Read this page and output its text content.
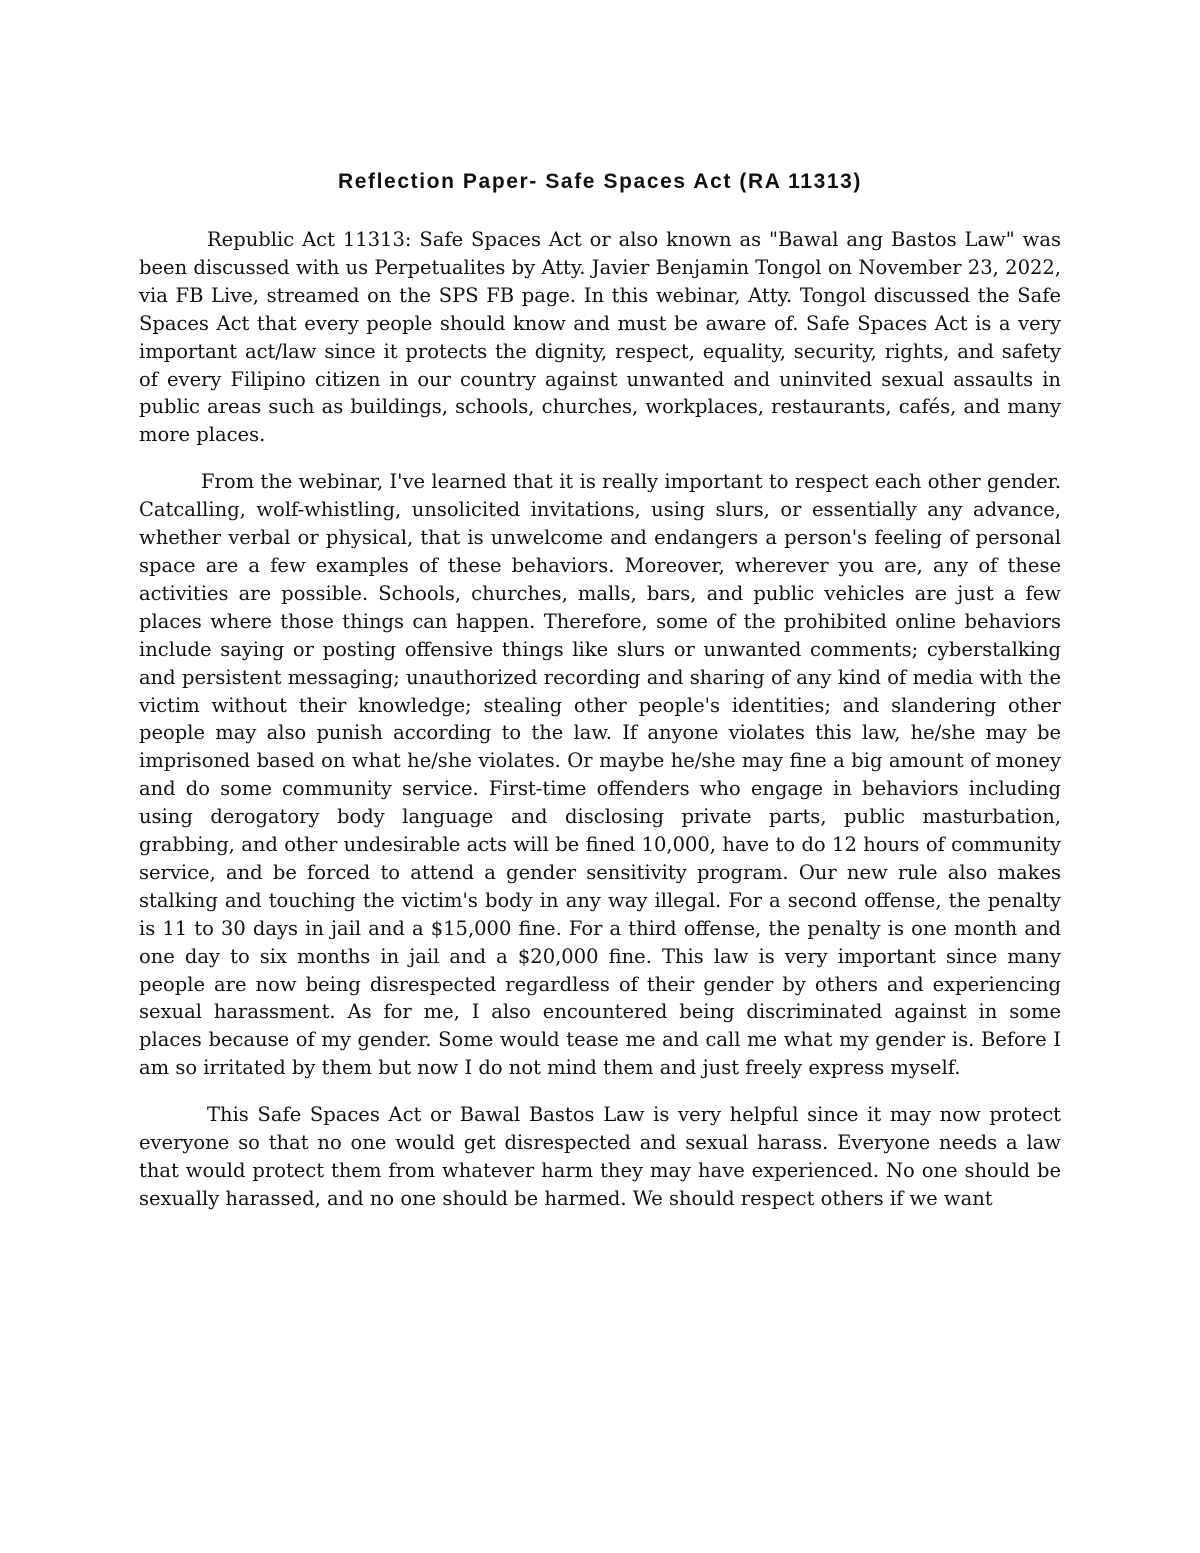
Reflection Paper- Safe Spaces Act (RA 11313)

Republic Act 11313: Safe Spaces Act or also known as "Bawal ang Bastos Law" was been discussed with us Perpetualites by Atty. Javier Benjamin Tongol on November 23, 2022, via FB Live, streamed on the SPS FB page. In this webinar, Atty. Tongol discussed the Safe Spaces Act that every people should know and must be aware of. Safe Spaces Act is a very important act/law since it protects the dignity, respect, equality, security, rights, and safety of every Filipino citizen in our country against unwanted and uninvited sexual assaults in public areas such as buildings, schools, churches, workplaces, restaurants, cafés, and many more places.

From the webinar, I've learned that it is really important to respect each other gender. Catcalling, wolf-whistling, unsolicited invitations, using slurs, or essentially any advance, whether verbal or physical, that is unwelcome and endangers a person's feeling of personal space are a few examples of these behaviors. Moreover, wherever you are, any of these activities are possible. Schools, churches, malls, bars, and public vehicles are just a few places where those things can happen. Therefore, some of the prohibited online behaviors include saying or posting offensive things like slurs or unwanted comments; cyberstalking and persistent messaging; unauthorized recording and sharing of any kind of media with the victim without their knowledge; stealing other people's identities; and slandering other people may also punish according to the law. If anyone violates this law, he/she may be imprisoned based on what he/she violates. Or maybe he/she may fine a big amount of money and do some community service. First-time offenders who engage in behaviors including using derogatory body language and disclosing private parts, public masturbation, grabbing, and other undesirable acts will be fined 10,000, have to do 12 hours of community service, and be forced to attend a gender sensitivity program. Our new rule also makes stalking and touching the victim's body in any way illegal. For a second offense, the penalty is 11 to 30 days in jail and a $15,000 fine. For a third offense, the penalty is one month and one day to six months in jail and a $20,000 fine. This law is very important since many people are now being disrespected regardless of their gender by others and experiencing sexual harassment. As for me, I also encountered being discriminated against in some places because of my gender. Some would tease me and call me what my gender is. Before I am so irritated by them but now I do not mind them and just freely express myself.

This Safe Spaces Act or Bawal Bastos Law is very helpful since it may now protect everyone so that no one would get disrespected and sexual harass. Everyone needs a law that would protect them from whatever harm they may have experienced. No one should be sexually harassed, and no one should be harmed. We should respect others if we want
